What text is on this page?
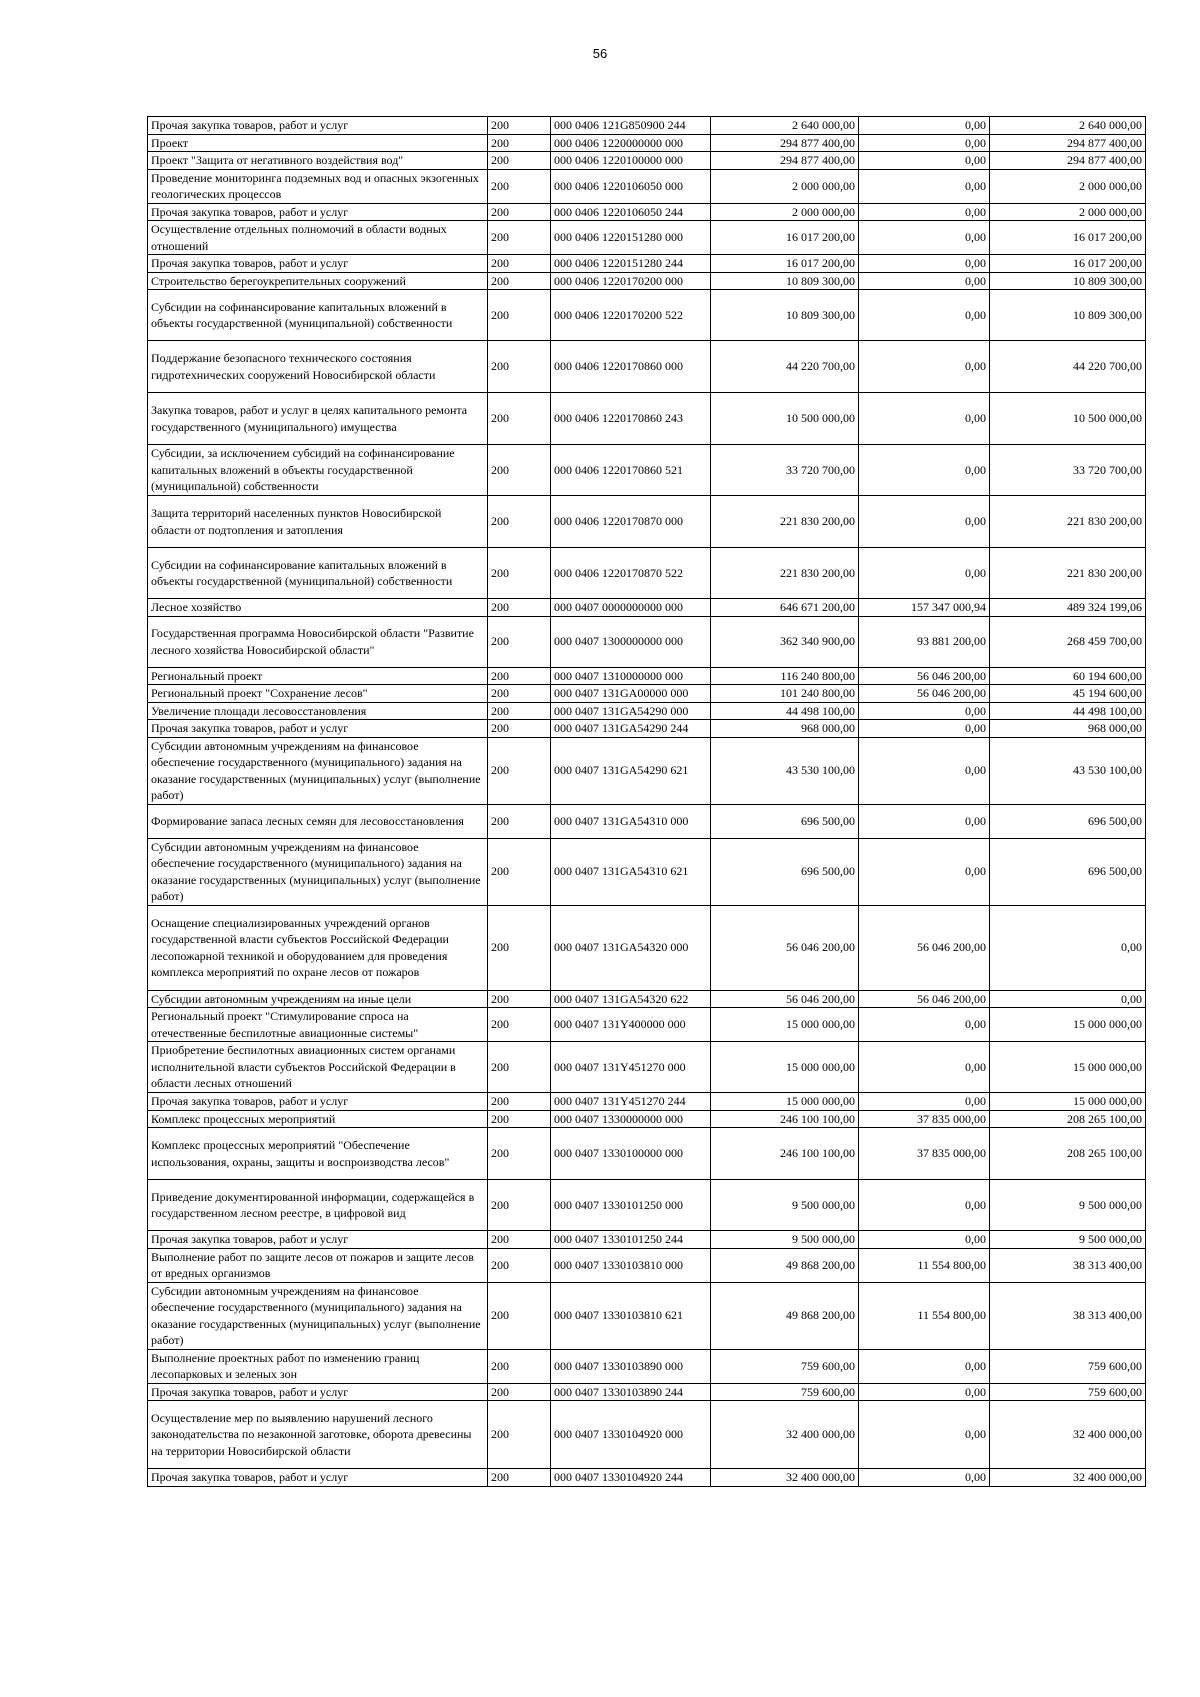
56
Прочая закупка товаров, работ и услуг	200	000 0406 121G850900 244	2 640 000,00	0,00	2 640 000,00
Проект	200	000 0406 1220000000 000	294 877 400,00	0,00	294 877 400,00
Проект "Защита от негативного воздействия вод"	200	000 0406 1220100000 000	294 877 400,00	0,00	294 877 400,00
Проведение мониторинга подземных вод и опасных экзогенных геологических процессов	200	000 0406 1220106050 000	2 000 000,00	0,00	2 000 000,00
Прочая закупка товаров, работ и услуг	200	000 0406 1220106050 244	2 000 000,00	0,00	2 000 000,00
Осуществление отдельных полномочий в области водных отношений	200	000 0406 1220151280 000	16 017 200,00	0,00	16 017 200,00
Прочая закупка товаров, работ и услуг	200	000 0406 1220151280 244	16 017 200,00	0,00	16 017 200,00
Строительство берегоукрепительных сооружений	200	000 0406 1220170200 000	10 809 300,00	0,00	10 809 300,00
Субсидии на софинансирование капитальных вложений в объекты государственной (муниципальной) собственности	200	000 0406 1220170200 522	10 809 300,00	0,00	10 809 300,00
Поддержание безопасного технического состояния гидротехнических сооружений Новосибирской области	200	000 0406 1220170860 000	44 220 700,00	0,00	44 220 700,00
Закупка товаров, работ и услуг в целях капитального ремонта государственного (муниципального) имущества	200	000 0406 1220170860 243	10 500 000,00	0,00	10 500 000,00
Субсидии, за исключением субсидий на софинансирование капитальных вложений в объекты государственной (муниципальной) собственности	200	000 0406 1220170860 521	33 720 700,00	0,00	33 720 700,00
Защита территорий населенных пунктов Новосибирской области от подтопления и затопления	200	000 0406 1220170870 000	221 830 200,00	0,00	221 830 200,00
Субсидии на софинансирование капитальных вложений в объекты государственной (муниципальной) собственности	200	000 0406 1220170870 522	221 830 200,00	0,00	221 830 200,00
Лесное хозяйство	200	000 0407 0000000000 000	646 671 200,00	157 347 000,94	489 324 199,06
Государственная программа Новосибирской области "Развитие лесного хозяйства Новосибирской области"	200	000 0407 1300000000 000	362 340 900,00	93 881 200,00	268 459 700,00
Региональный проект	200	000 0407 1310000000 000	116 240 800,00	56 046 200,00	60 194 600,00
Региональный проект "Сохранение лесов"	200	000 0407 131GA00000 000	101 240 800,00	56 046 200,00	45 194 600,00
Увеличение площади лесовосстановления	200	000 0407 131GA54290 000	44 498 100,00	0,00	44 498 100,00
Прочая закупка товаров, работ и услуг	200	000 0407 131GA54290 244	968 000,00	0,00	968 000,00
Субсидии автономным учреждениям на финансовое обеспечение государственного (муниципального) задания на оказание государственных (муниципальных) услуг (выполнение работ)	200	000 0407 131GA54290 621	43 530 100,00	0,00	43 530 100,00
Формирование запаса лесных семян для лесовосстановления	200	000 0407 131GA54310 000	696 500,00	0,00	696 500,00
Субсидии автономным учреждениям на финансовое обеспечение государственного (муниципального) задания на оказание государственных (муниципальных) услуг (выполнение работ)	200	000 0407 131GA54310 621	696 500,00	0,00	696 500,00
Оснащение специализированных учреждений органов государственной власти субъектов Российской Федерации лесопожарной техникой и оборудованием для проведения комплекса мероприятий по охране лесов от пожаров	200	000 0407 131GA54320 000	56 046 200,00	56 046 200,00	0,00
Субсидии автономным учреждениям на иные цели	200	000 0407 131GA54320 622	56 046 200,00	56 046 200,00	0,00
Региональный проект "Стимулирование спроса на отечественные беспилотные авиационные системы"	200	000 0407 131Y400000 000	15 000 000,00	0,00	15 000 000,00
Приобретение беспилотных авиационных систем органами исполнительной власти субъектов Российской Федерации в области лесных отношений	200	000 0407 131Y451270 000	15 000 000,00	0,00	15 000 000,00
Прочая закупка товаров, работ и услуг	200	000 0407 131Y451270 244	15 000 000,00	0,00	15 000 000,00
Комплекс процессных мероприятий	200	000 0407 1330000000 000	246 100 100,00	37 835 000,00	208 265 100,00
Комплекс процессных мероприятий "Обеспечение использования, охраны, защиты и воспроизводства лесов"	200	000 0407 1330100000 000	246 100 100,00	37 835 000,00	208 265 100,00
Приведение документированной информации, содержащейся в государственном лесном реестре, в цифровой вид	200	000 0407 1330101250 000	9 500 000,00	0,00	9 500 000,00
Прочая закупка товаров, работ и услуг	200	000 0407 1330101250 244	9 500 000,00	0,00	9 500 000,00
Выполнение работ по защите лесов от пожаров и защите лесов от вредных организмов	200	000 0407 1330103810 000	49 868 200,00	11 554 800,00	38 313 400,00
Субсидии автономным учреждениям на финансовое обеспечение государственного (муниципального) задания на оказание государственных (муниципальных) услуг (выполнение работ)	200	000 0407 1330103810 621	49 868 200,00	11 554 800,00	38 313 400,00
Выполнение проектных работ по изменению границ лесопарковых и зеленых зон	200	000 0407 1330103890 000	759 600,00	0,00	759 600,00
Прочая закупка товаров, работ и услуг	200	000 0407 1330103890 244	759 600,00	0,00	759 600,00
Осуществление мер по выявлению нарушений лесного законодательства по незаконной заготовке, оборота древесины на территории Новосибирской области	200	000 0407 1330104920 000	32 400 000,00	0,00	32 400 000,00
Прочая закупка товаров, работ и услуг	200	000 0407 1330104920 244	32 400 000,00	0,00	32 400 000,00
